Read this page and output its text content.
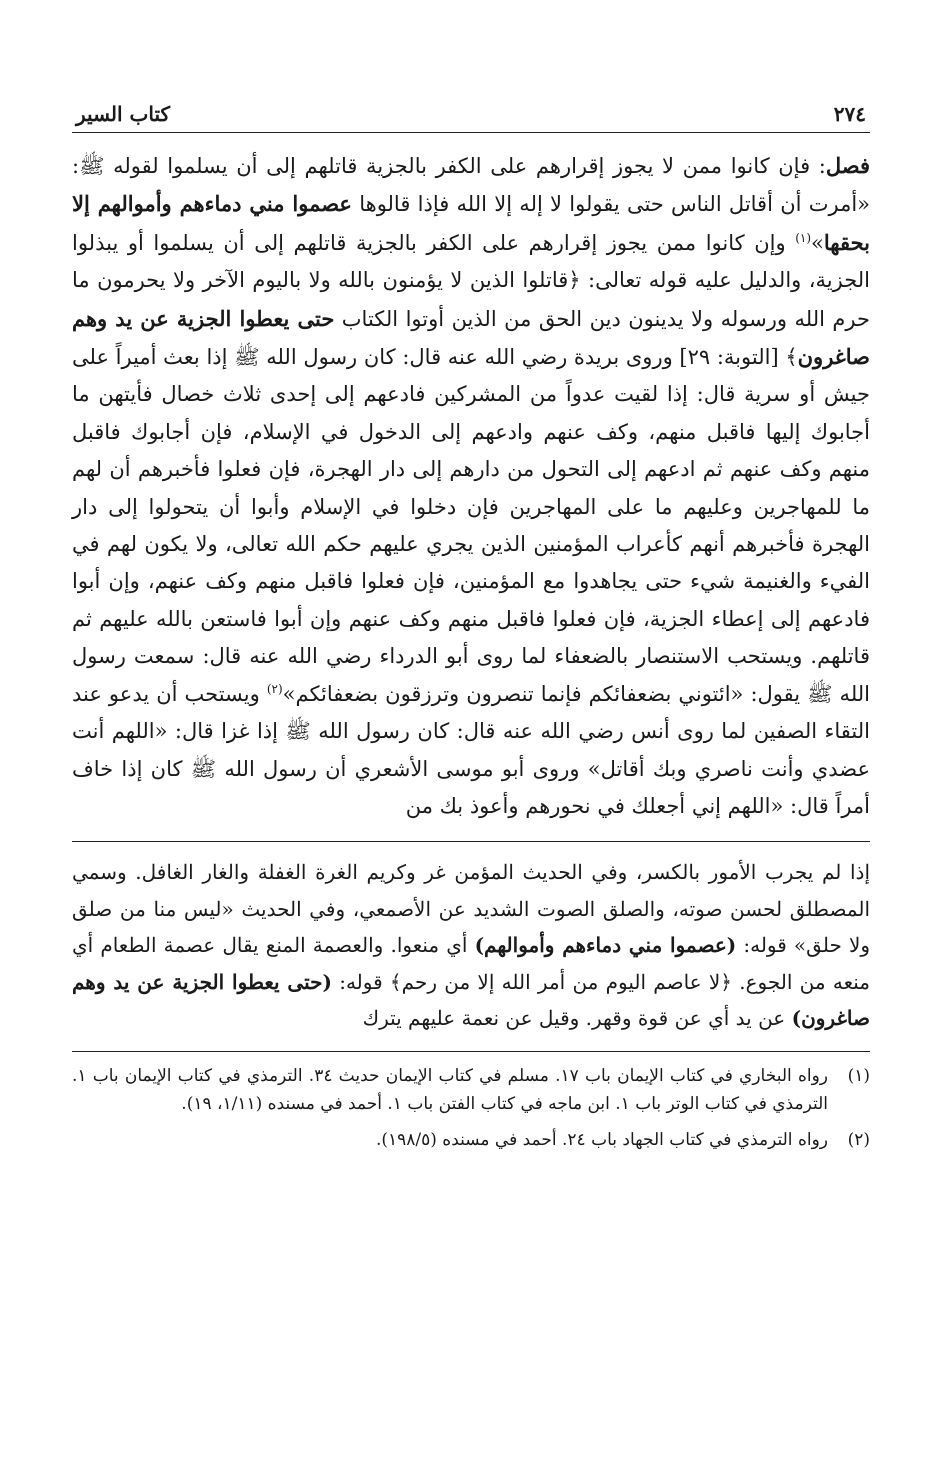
٢٧٤
كتاب السير

فصل: فإن كانوا ممن لا يجوز إقرارهم على الكفر بالجزية قاتلهم إلى أن يسلموا لقوله ﷺ: «أمرت أن أقاتل الناس حتى يقولوا لا إله إلا الله فإذا قالوها عصموا مني دماءهم وأموالهم إلا بحقها»$^{(١)}$ وإن كانوا ممن يجوز إقرارهم على الكفر بالجزية قاتلهم إلى أن يسلموا أو يبذلوا الجزية، والدليل عليه قوله تعالى: ﴿قاتلوا الذين لا يؤمنون بالله ولا باليوم الآخر ولا يحرمون ما حرم الله ورسوله ولا يدينون دين الحق من الذين أوتوا الكتاب حتى يعطوا الجزية عن يد وهم صاغرون﴾ [التوبة: ٢٩] وروى بريدة رضي الله عنه قال: كان رسول الله ﷺ إذا بعث أميراً على جيش أو سرية قال: إذا لقيت عدواً من المشركين فادعهم إلى إحدى ثلاث خصال فأيتهن ما أجابوك إليها فاقبل منهم، وكف عنهم وادعهم إلى الدخول في الإسلام، فإن أجابوك فاقبل منهم وكف عنهم ثم ادعهم إلى التحول من دارهم إلى دار الهجرة، فإن فعلوا فأخبرهم أن لهم ما للمهاجرين وعليهم ما على المهاجرين فإن دخلوا في الإسلام وأبوا أن يتحولوا إلى دار الهجرة فأخبرهم أنهم كأعراب المؤمنين الذين يجري عليهم حكم الله تعالى، ولا يكون لهم في الفيء والغنيمة شيء حتى يجاهدوا مع المؤمنين، فإن فعلوا فاقبل منهم وكف عنهم، وإن أبوا فادعهم إلى إعطاء الجزية، فإن فعلوا فاقبل منهم وكف عنهم وإن أبوا فاستعن بالله عليهم ثم قاتلهم. ويستحب الاستنصار بالضعفاء لما روى أبو الدرداء رضي الله عنه قال: سمعت رسول الله ﷺ يقول: «ائتوني بضعفائكم فإنما تنصرون وترزقون بضعفائكم»$^{(٢)}$ ويستحب أن يدعو عند التقاء الصفين لما روى أنس رضي الله عنه قال: كان رسول الله ﷺ إذا غزا قال: «اللهم أنت عضدي وأنت ناصري وبك أقاتل» وروى أبو موسى الأشعري أن رسول الله ﷺ كان إذا خاف أمراً قال: «اللهم إني أجعلك في نحورهم وأعوذ بك من

إذا لم يجرب الأمور بالكسر، وفي الحديث المؤمن غر وكريم الغرة الغفلة والغار الغافل. وسمي المصطلق لحسن صوته، والصلق الصوت الشديد عن الأصمعي، وفي الحديث «ليس منا من صلق ولا حلق» قوله: (عصموا مني دماءهم وأموالهم) أي منعوا. والعصمة المنع يقال عصمة الطعام أي منعه من الجوع. ﴿لا عاصم اليوم من أمر الله إلا من رحم﴾ قوله: (حتى يعطوا الجزية عن يد وهم صاغرون) عن يد أي عن قوة وقهر. وقيل عن نعمة عليهم يترك

(١)
رواه البخاري في كتاب الإيمان باب ١٧. مسلم في كتاب الإيمان حديث ٣٤. الترمذي في كتاب الإيمان باب ١. الترمذي في كتاب الوتر باب ١. ابن ماجه في كتاب الفتن باب ١. أحمد في مسنده (١/١١، ١٩).
(٢)
رواه الترمذي في كتاب الجهاد باب ٢٤. أحمد في مسنده (١٩٨/٥).
